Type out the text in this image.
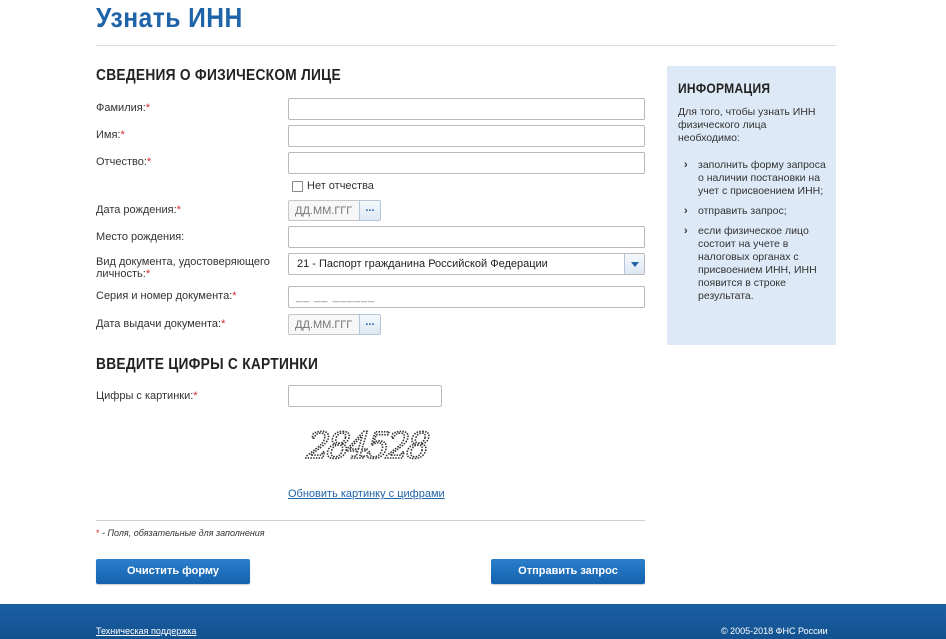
Узнать ИНН
СВЕДЕНИЯ О ФИЗИЧЕСКОМ ЛИЦЕ
Фамилия:*
Имя:*
Отчество:*
Нет отчества
Дата рождения:*
ДД.ММ.ГГГ	...
Место рождения:
Вид документа, удостоверяющего
личность:*
21 - Паспорт гражданина Российской Федерации
Серия и номер документа:*	__ __ ______
Дата выдачи документа:*
ДД.ММ.ГГГ	...
ВВЕДИТЕ ЦИФРЫ С КАРТИНКИ
Цифры с картинки:*
284528
Обновить картинку с цифрами
* - Поля, обязательные для заполнения
Очистить форму	Отправить запрос
ИНФОРМАЦИЯ
Для того, чтобы узнать ИНН физического лица необходимо:
› заполнить форму запроса о наличии постановки на учет с присвоением ИНН;
› отправить запрос;
› если физическое лицо состоит на учете в налоговых органах с присвоением ИНН, ИНН появится в строке результата.
Техническая поддержка	© 2005-2018 ФНС России
